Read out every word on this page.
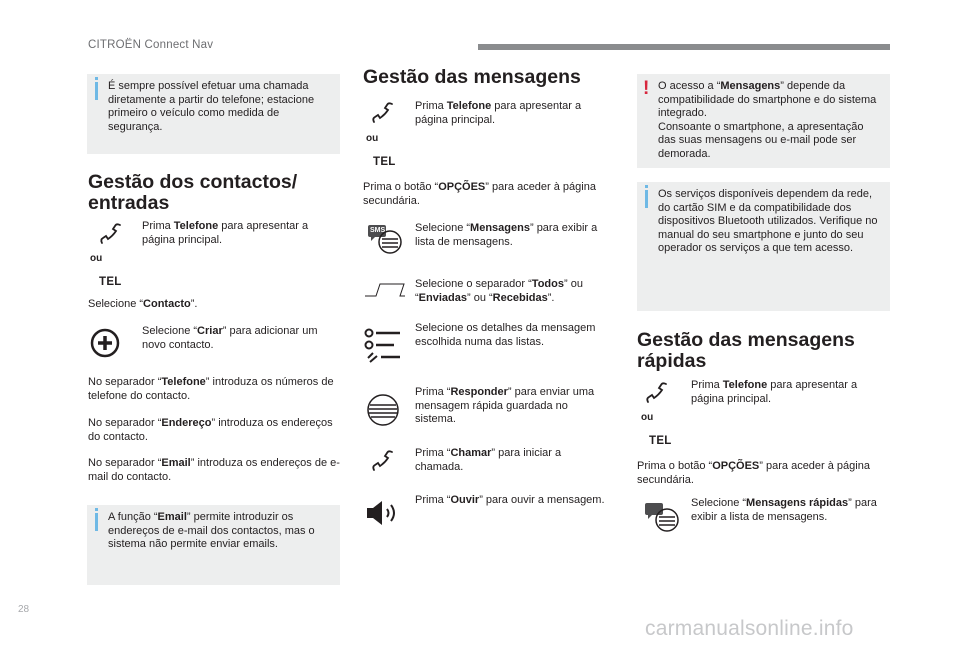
CITROËN Connect Nav
É sempre possível efetuar uma chamada diretamente a partir do telefone; estacione primeiro o veículo como medida de segurança.
Gestão dos contactos/
entradas
ou
TEL
Prima Telefone para apresentar a página principal.
Selecione “Contacto”.
Selecione “Criar” para adicionar um novo contacto.
No separador “Telefone” introduza os números de telefone do contacto.
No separador “Endereço” introduza os endereços do contacto.
No separador “Email” introduza os endereços de e-mail do contacto.
A função “Email” permite introduzir os endereços de e-mail dos contactos, mas o sistema não permite enviar emails.
Gestão das mensagens
ou
TEL
Prima Telefone para apresentar a página principal.
Prima o botão “OPÇÕES” para aceder à página secundária.
SMS	Selecione “Mensagens” para exibir a lista de mensagens.
Selecione o separador “Todos” ou “Enviadas” ou “Recebidas”.
Selecione os detalhes da mensagem escolhida numa das listas.
Prima “Responder” para enviar uma mensagem rápida guardada no sistema.
Prima “Chamar” para iniciar a chamada.
Prima “Ouvir” para ouvir a mensagem.
! O acesso a “Mensagens” depende da compatibilidade do smartphone e do sistema integrado.
Consoante o smartphone, a apresentação das suas mensagens ou e-mail pode ser demorada.
Os serviços disponíveis dependem da rede, do cartão SIM e da compatibilidade dos dispositivos Bluetooth utilizados. Verifique no manual do seu smartphone e junto do seu operador os serviços a que tem acesso.
Gestão das mensagens
rápidas
ou
TEL
Prima Telefone para apresentar a página principal.
Prima o botão “OPÇÕES” para aceder à página secundária.
Selecione “Mensagens rápidas” para exibir a lista de mensagens.
28
carmanualsonline.info
